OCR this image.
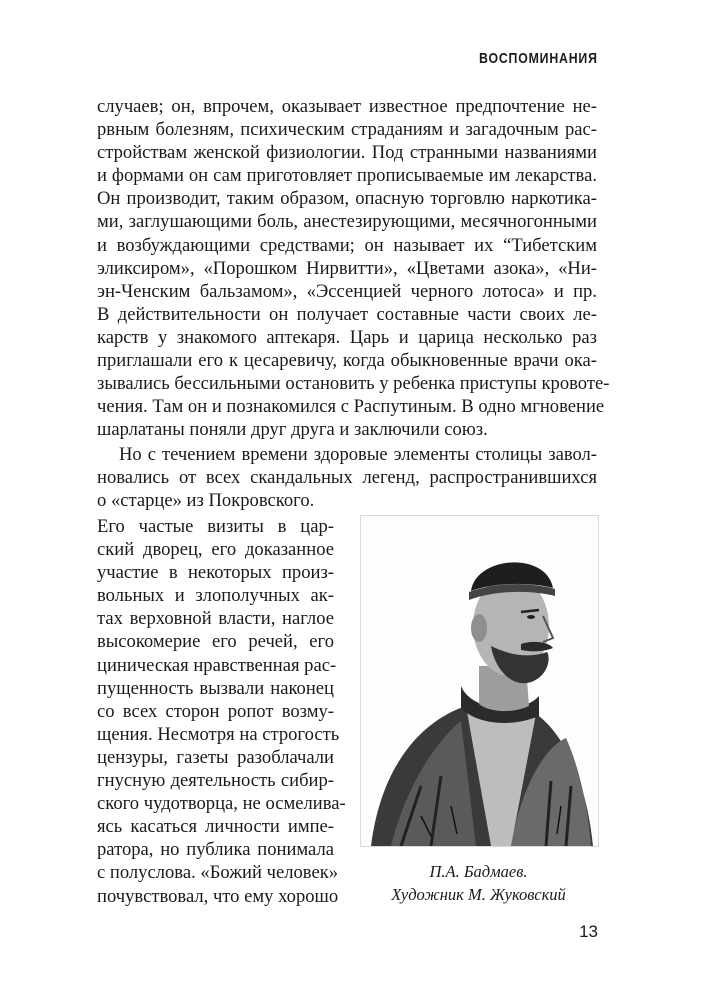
ВОСПОМИНАНИЯ
случаев; он, впрочем, оказывает известное предпочтение не-
рвным болезням, психическим страданиям и загадочным рас-
стройствам женской физиологии. Под странными названиями
и формами он сам приготовляет прописываемые им лекарства.
Он производит, таким образом, опасную торговлю наркотика-
ми, заглушающими боль, анестезирующими, месячногонными
и возбуждающими средствами; он называет их “Тибетским
эликсиром», «Порошком Нирвитти», «Цветами азока», «Ни-
эн-Ченским бальзамом», «Эссенцией черного лотоса» и пр.
В действительности он получает составные части своих ле-
карств у знакомого аптекаря. Царь и царица несколько раз
приглашали его к цесаревичу, когда обыкновенные врачи ока-
зывались бессильными остановить у ребенка приступы кровоте-
чения. Там он и познакомился с Распутиным. В одно мгновение
шарлатаны поняли друг друга и заключили союз.
Но с течением времени здоровые элементы столицы завол-
новались от всех скандальных легенд, распространившихся
о «старце» из Покровского.
Его частые визиты в цар-
ский дворец, его доказанное
участие в некоторых произ-
вольных и злополучных ак-
тах верховной власти, наглое
высокомерие его речей, его
циническая нравственная рас-
пущенность вызвали наконец
со всех сторон ропот возму-
щения. Несмотря на строгость
цензуры, газеты разоблачали
гнусную деятельность сибир-
ского чудотворца, не осмелива-
ясь касаться личности импе-
ратора, но публика понимала
с полуслова. «Божий человек»
почувствовал, что ему хорошо
П.А. Бадмаев.
Художник М. Жуковский
13
